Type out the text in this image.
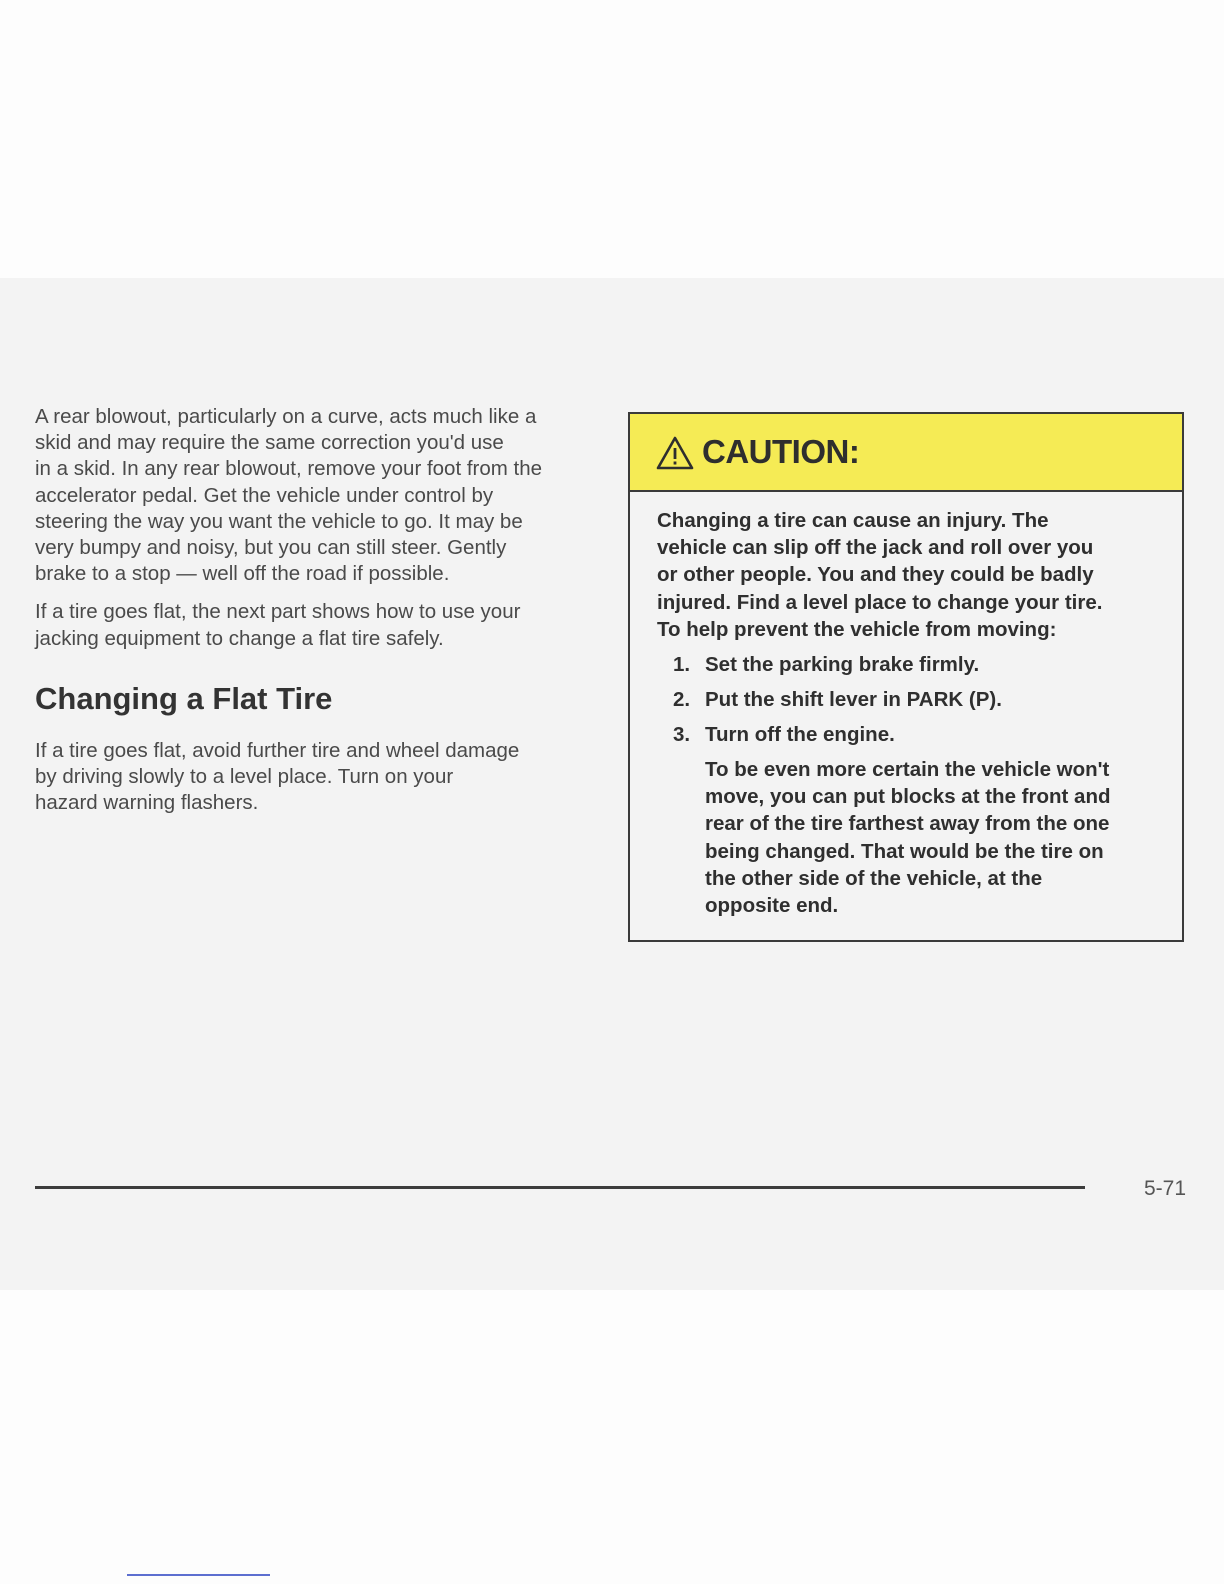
A rear blowout, particularly on a curve, acts much like a
skid and may require the same correction you'd use
in a skid. In any rear blowout, remove your foot from the
accelerator pedal. Get the vehicle under control by
steering the way you want the vehicle to go. It may be
very bumpy and noisy, but you can still steer. Gently
brake to a stop — well off the road if possible.

If a tire goes flat, the next part shows how to use your
jacking equipment to change a flat tire safely.

Changing a Flat Tire

If a tire goes flat, avoid further tire and wheel damage
by driving slowly to a level place. Turn on your
hazard warning flashers.

CAUTION:

Changing a tire can cause an injury. The
vehicle can slip off the jack and roll over you
or other people. You and they could be badly
injured. Find a level place to change your tire.
To help prevent the vehicle from moving:

1. Set the parking brake firmly.
2. Put the shift lever in PARK (P).
3. Turn off the engine.

To be even more certain the vehicle won't
move, you can put blocks at the front and
rear of the tire farthest away from the one
being changed. That would be the tire on
the other side of the vehicle, at the
opposite end.

5-71
